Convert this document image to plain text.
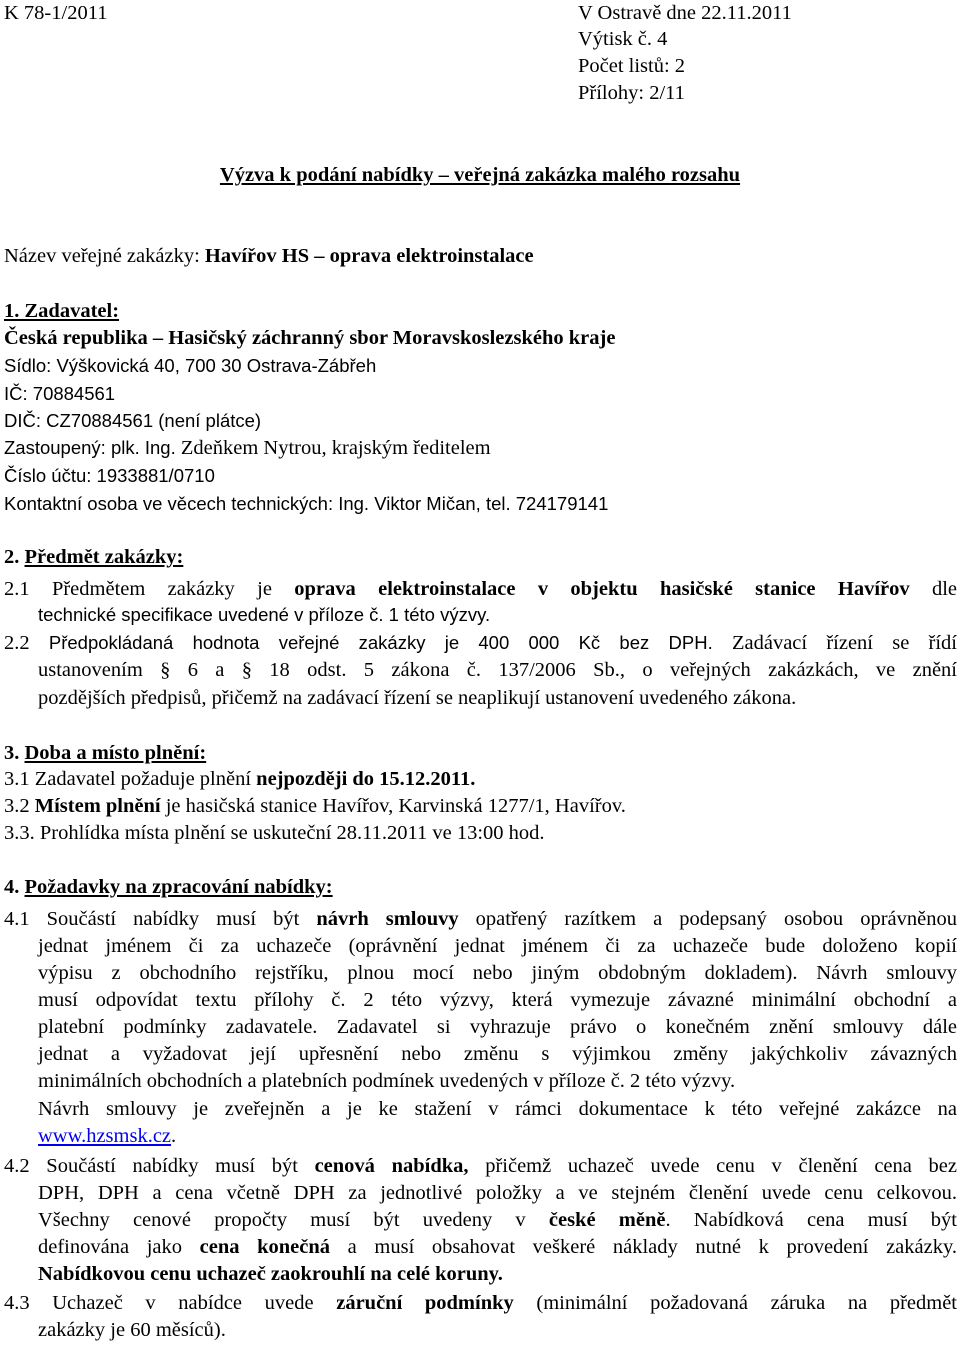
K 78-1/2011	V Ostravě dne 22.11.2011
Výtisk č. 4
Počet listů: 2
Přílohy: 2/11
Výzva k podání nabídky – veřejná zakázka malého rozsahu
Název veřejné zakázky: Havířov HS – oprava elektroinstalace
1. Zadavatel:
Česká republika – Hasičský záchranný sbor Moravskoslezského kraje
Sídlo: Výškovická 40, 700 30 Ostrava-Zábřeh
IČ: 70884561
DIČ: CZ70884561 (není plátce)
Zastoupený: plk. Ing. Zdeňkem Nytrou, krajským ředitelem
Číslo účtu: 1933881/0710
Kontaktní osoba ve věcech technických: Ing. Viktor Mičan, tel. 724179141
2. Předmět zakázky:
2.1 Předmětem zakázky je oprava elektroinstalace v objektu hasičské stanice Havířov dle
technické specifikace uvedené v příloze č. 1 této výzvy.
2.2 Předpokládaná hodnota veřejné zakázky je 400 000 Kč bez DPH. Zadávací řízení se řídí
ustanovením § 6 a § 18 odst. 5 zákona č. 137/2006 Sb., o veřejných zakázkách, ve znění
pozdějších předpisů, přičemž na zadávací řízení se neaplikují ustanovení uvedeného zákona.
3. Doba a místo plnění:
3.1 Zadavatel požaduje plnění nejpozději do 15.12.2011.
3.2 Místem plnění je hasičská stanice Havířov, Karvinská 1277/1, Havířov.
3.3. Prohlídka místa plnění se uskuteční 28.11.2011 ve 13:00 hod.
4. Požadavky na zpracování nabídky:
4.1 Součástí nabídky musí být návrh smlouvy opatřený razítkem a podepsaný osobou oprávněnou
jednat jménem či za uchazeče (oprávnění jednat jménem či za uchazeče bude doloženo kopií
výpisu z obchodního rejstříku, plnou mocí nebo jiným obdobným dokladem). Návrh smlouvy
musí odpovídat textu přílohy č. 2 této výzvy, která vymezuje závazné minimální obchodní a
platební podmínky zadavatele. Zadavatel si vyhrazuje právo o konečném znění smlouvy dále
jednat a vyžadovat její upřesnění nebo změnu s výjimkou změny jakýchkoliv závazných
minimálních obchodních a platebních podmínek uvedených v příloze č. 2 této výzvy.
Návrh smlouvy je zveřejněn a je ke stažení v rámci dokumentace k této veřejné zakázce na
www.hzsmsk.cz.
4.2 Součástí nabídky musí být cenová nabídka, přičemž uchazeč uvede cenu v členění cena bez
DPH, DPH a cena včetně DPH za jednotlivé položky a ve stejném členění uvede cenu celkovou.
Všechny cenové propočty musí být uvedeny v české měně. Nabídková cena musí být
definována jako cena konečná a musí obsahovat veškeré náklady nutné k provedení zakázky.
Nabídkovou cenu uchazeč zaokrouhlí na celé koruny.
4.3 Uchazeč v nabídce uvede záruční podmínky (minimální požadovaná záruka na předmět
zakázky je 60 měsíců).
